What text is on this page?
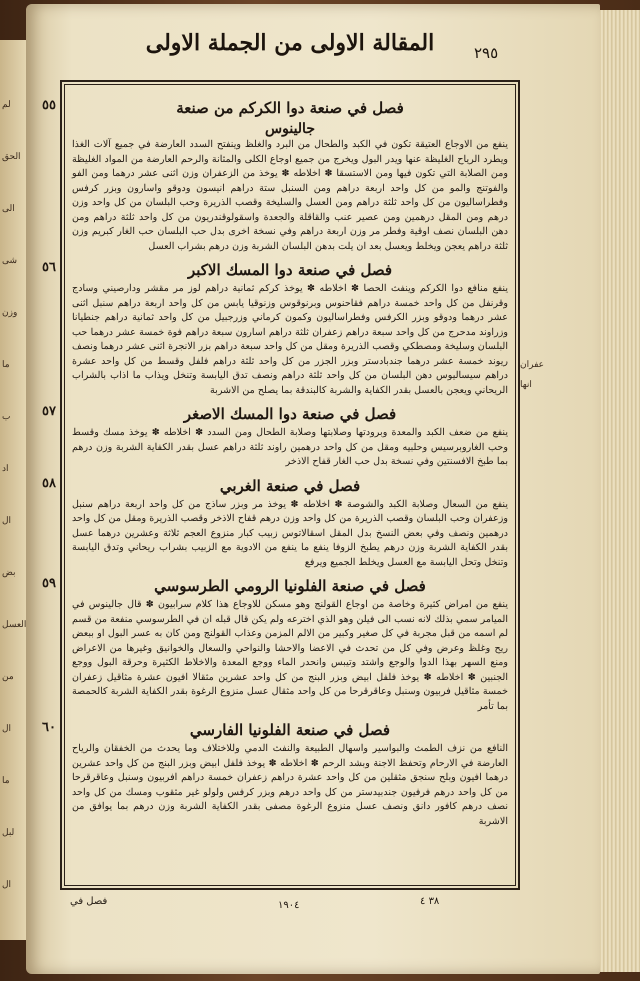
المقالة الاولى من الجملة الاولى	٢٩٥
فصل في صنعة دوا الكركم من صنعة
٥٥
جالينوس
ينفع من الاوجاع العتيقة تكون في الكبد والطحال من البرد والغلظ وينفتح السدد العارضة في جميع آلات الغذا ويطرد الرياح الغليظة عنها ويدر البول ويخرج من جميع اوجاع الكلى والمثانة والرحم العارضة من المواد الغليظة ومن الصلابة التي تكون فيها ومن الاستسقا ✽ اخلاطه ✽ يوخذ من الزعفران وزن اثنى عشر درهما ومن الفو والفوتنج والمو من كل واحد اربعة دراهم ومن السنبل ستة دراهم انيسون ودوقو واسارون وبزر كرفس وفطراساليون من كل واحد ثلثة دراهم ومن العسل والسليخة وقصب الذريرة وحب البلسان من كل واحد وزن درهم ومن المقل درهمين ومن عصير عنب والقاقلة والجعدة واسقولوقندريون من كل واحد ثلثة دراهم ومن دهن البلسان نصف اوقية وفطر مر وزن اربعة دراهم وفي نسخة اخرى بدل حب البلسان حب الغار كبريم وزن ثلثة دراهم يعجن ويخلط ويعسل بعد ان يلت بدهن البلسان الشربة وزن درهم بشراب العسل
فصل في صنعة دوا المسك الاكبر
٥٦
ينفع منافع دوا الكركم وينفث الحصا ✽ اخلاطه ✽ يوخذ كركم ثمانية دراهم لوز مر مقشر ودارصيني وسادج وقرنفل من كل واحد خمسة دراهم فقاحنوس وبرنوقوس وزنوقيا يابس من كل واحد اربعة دراهم سنبل اثنى عشر درهما ودوقو وبزر الكرفس وفطراساليون وكمون كرماني وزرجبيل من كل واحد ثمانية دراهم جنطيانا وزراوند مدحرج من كل واحد سبعة دراهم زعفران ثلثة دراهم اسارون سبعة دراهم فوة خمسة عشر درهما حب البلسان وسليخة ومصطكي وقصب الذريرة ومقل من كل واحد سبعة دراهم بزر الانجرة اثنى عشر درهما ونصف ريوند خمسة عشر درهما جندبادستر وبزر الجزر من كل واحد ثلثة دراهم فلفل وقسط من كل واحد عشرة دراهم سيساليوس دهن البلسان من كل واحد ثلثة دراهم ونصف تدق اليابسة وتنخل ويذاب ما اذاب بالشراب الريحاني ويعجن بالعسل بقدر الكفاية والشربة كالبندقة بما يصلح من الاشربة
فصل في صنعة دوا المسك الاصغر
٥٧
ينفع من ضعف الكبد والمعدة وبرودتها وصلابتها وصلابة الطحال ومن السدد ✽ اخلاطه ✽ يوخذ مسك وقسط وحب الغاروبرسيس وحلبيه ومقل من كل واحد درهمين راوند ثلثة دراهم عسل بقدر الكفاية الشربة وزن درهم بما طبخ الافسنتين وفي نسخة بدل حب الغار قفاح الاذخر
فصل في صنعة الغربي
٥٨
ينفع من السعال وصلابة الكبد والشوصة ✽ اخلاطه ✽ يوخذ مر وبزر ساذج من كل واحد اربعة دراهم سنبل وزعفران وحب البلسان وقصب الذريرة من كل واحد وزن درهم قفاح الاذخر وقصب الذريرة ومقل من كل واحد درهمين ونصف وفي بعض النسخ بدل المقل اسقالاتوس زبيب كبار منزوع العجم ثلاثة وعشرين درهما عسل بقدر الكفاية الشربة وزن درهم يطبخ الزوفا ينفع ما ينفع من الادوية مع الزبيب بشراب ريحاني وتدق اليابسة وتنخل وتحل اليابسة مع العسل ويخلط الجميع ويرفع
فصل في صنعة الفلونيا الرومي الطرسوسي
٥٩
ينفع من امراض كثيرة وخاصة من اوجاع القولنج وهو مسكن للاوجاع هذا كلام سرابيون ✽ قال جالينوس في الميامر سمي بذلك لانه نسب الى فيلن وهو الذي اخترعه ولم يكن قال قبله ان في الطرسوسي منفعة من قسم لم اسمه من قبل مجربة في كل صغير وكبير من الالم المزمن وعذاب القولنج ومن كان به عسر البول او ببعض ريح وغلظ وعرض وفي كل من تحدث في الاعضا والاحشا والنواحي والسعال والخوانيق وغيرها من الاعراض ومنع السهر بهذا الدوا والوجع واشتد وتيبس وانحدر الماء ووجع المعدة والاخلاط الكثيرة وحرقة البول ووجع الجنبين ✽ اخلاطه ✽ يوخذ فلفل ابيض وبزر البنج من كل واحد عشرين مثقالا افيون عشرة مثاقيل زعفران خمسة مثاقيل فربيون وسنبل وعاقرقرحا من كل واحد مثقال عسل منزوع الرغوة بقدر الكفاية الشربة كالحمصة بما تأمر
فصل في صنعة الفلونيا الفارسي
٦٠
النافع من نزف الطمث والبواسير واسهال الطبيعة والنفث الدمي وللاختلاف وما يحدث من الخفقان والرياح العارضة في الارحام وتحفظ الاجنة وبشد الرحم ✽ اخلاطه ✽ يوخذ فلفل ابيض وبزر البنج من كل واحد عشرين درهما افيون وبلح سنجق مثقلين من كل واحد عشرة دراهم زعفران خمسة دراهم افربيون وسنبل وعاقرقرحا من كل واحد درهم فرفيون جندبيدستر من كل واحد درهم وبزر كرفس ولولو غير مثقوب ومسك من كل واحد نصف درهم كافور دانق ونصف عسل منزوع الرغوة مصفى بقدر الكفاية الشربة وزن درهم بما يوافق من الاشربة
لم
الحق
الى
شى
وزن
ما
ب
اد
ال
بض
العسل
من
ال
ما
لبل
ال
عفران
انها
فصل في	١٩٠٤	٣٨ ٤
